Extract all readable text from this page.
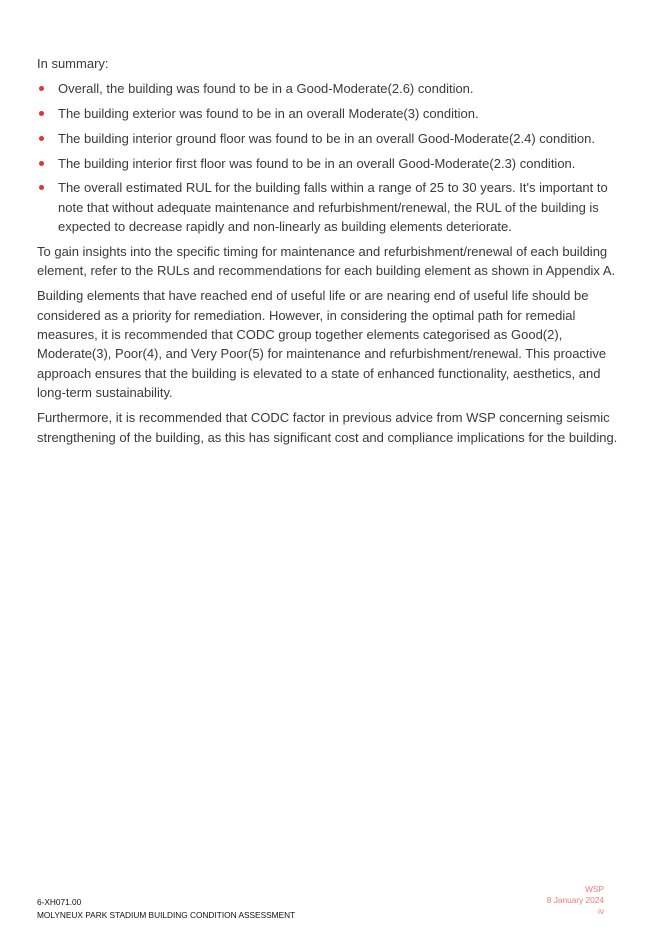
In summary:

Overall, the building was found to be in a Good-Moderate(2.6) condition.
The building exterior was found to be in an overall Moderate(3) condition.
The building interior ground floor was found to be in an overall Good-Moderate(2.4) condition.
The building interior first floor was found to be in an overall Good-Moderate(2.3) condition.
The overall estimated RUL for the building falls within a range of 25 to 30 years. It's important to note that without adequate maintenance and refurbishment/renewal, the RUL of the building is expected to decrease rapidly and non-linearly as building elements deteriorate.

To gain insights into the specific timing for maintenance and refurbishment/renewal of each building element, refer to the RULs and recommendations for each building element as shown in Appendix A.

Building elements that have reached end of useful life or are nearing end of useful life should be considered as a priority for remediation. However, in considering the optimal path for remedial measures, it is recommended that CODC group together elements categorised as Good(2), Moderate(3), Poor(4), and Very Poor(5) for maintenance and refurbishment/renewal. This proactive approach ensures that the building is elevated to a state of enhanced functionality, aesthetics, and long-term sustainability.

Furthermore, it is recommended that CODC factor in previous advice from WSP concerning seismic strengthening of the building, as this has significant cost and compliance implications for the building.

6-XH071.00
MOLYNEUX PARK STADIUM BUILDING CONDITION ASSESSMENT
WSP
8 January 2024
iv
